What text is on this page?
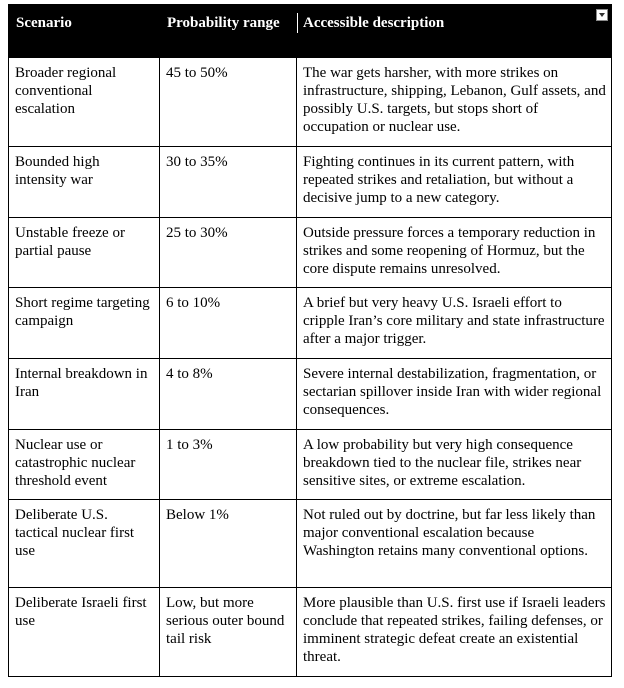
Scenario	Probability range	Accessible description

Broader regional conventional escalation	45 to 50%	The war gets harsher, with more strikes on infrastructure, shipping, Lebanon, Gulf assets, and possibly U.S. targets, but stops short of occupation or nuclear use.
Bounded high intensity war	30 to 35%	Fighting continues in its current pattern, with repeated strikes and retaliation, but without a decisive jump to a new category.
Unstable freeze or partial pause	25 to 30%	Outside pressure forces a temporary reduction in strikes and some reopening of Hormuz, but the core dispute remains unresolved.
Short regime targeting campaign	6 to 10%	A brief but very heavy U.S. Israeli effort to cripple Iran’s core military and state infrastructure after a major trigger.
Internal breakdown in Iran	4 to 8%	Severe internal destabilization, fragmentation, or sectarian spillover inside Iran with wider regional consequences.
Nuclear use or catastrophic nuclear threshold event	1 to 3%	A low probability but very high consequence breakdown tied to the nuclear file, strikes near sensitive sites, or extreme escalation.
Deliberate U.S. tactical nuclear first use	Below 1%	Not ruled out by doctrine, but far less likely than major conventional escalation because Washington retains many conventional options.
Deliberate Israeli first use	Low, but more serious outer bound tail risk	More plausible than U.S. first use if Israeli leaders conclude that repeated strikes, failing defenses, or imminent strategic defeat create an existential threat.
